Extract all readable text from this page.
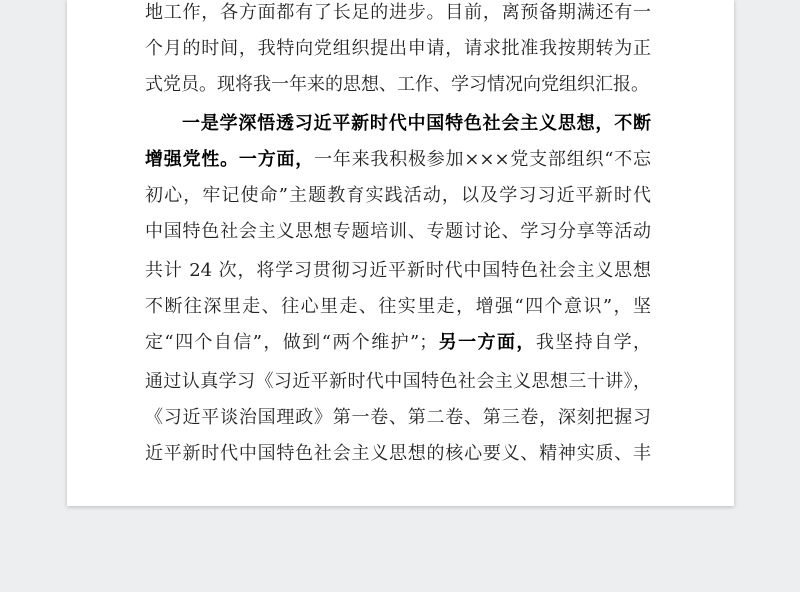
地工作，各方面都有了长足的进步。目前，离预备期满还有一
个月的时间，我特向党组织提出申请，请求批准我按期转为正
式党员。现将我一年来的思想、工作、学习情况向党组织汇报。
一是学深悟透习近平新时代中国特色社会主义思想，不断
增强党性。一方面，一年来我积极参加×××党支部组织“不忘
初心，牢记使命”主题教育实践活动，以及学习习近平新时代
中国特色社会主义思想专题培训、专题讨论、学习分享等活动
共计 24 次，将学习贯彻习近平新时代中国特色社会主义思想
不断往深里走、往心里走、往实里走，增强“四个意识”，坚
定“四个自信”，做到“两个维护”；另一方面，我坚持自学，
通过认真学习《习近平新时代中国特色社会主义思想三十讲》，
《习近平谈治国理政》第一卷、第二卷、第三卷，深刻把握习
近平新时代中国特色社会主义思想的核心要义、精神实质、丰
